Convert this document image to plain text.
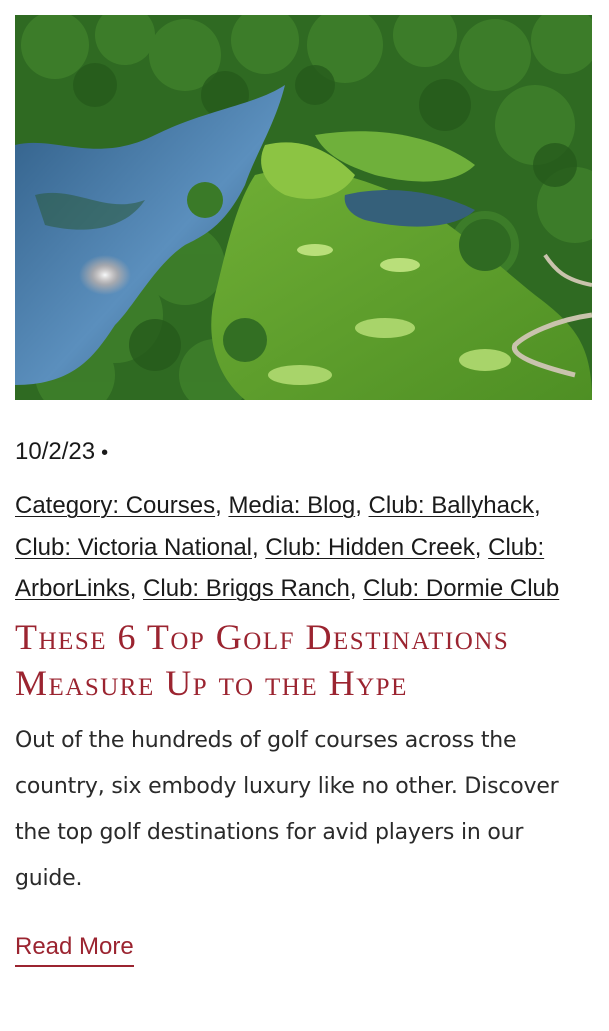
10/2/23 •
Category: Courses, Media: Blog, Club: Ballyhack, Club: Victoria National, Club: Hidden Creek, Club: ArborLinks, Club: Briggs Ranch, Club: Dormie Club
These 6 Top Golf Destinations Measure Up to the Hype
Out of the hundreds of golf courses across the country, six embody luxury like no other. Discover the top golf destinations for avid players in our guide.
Read More
